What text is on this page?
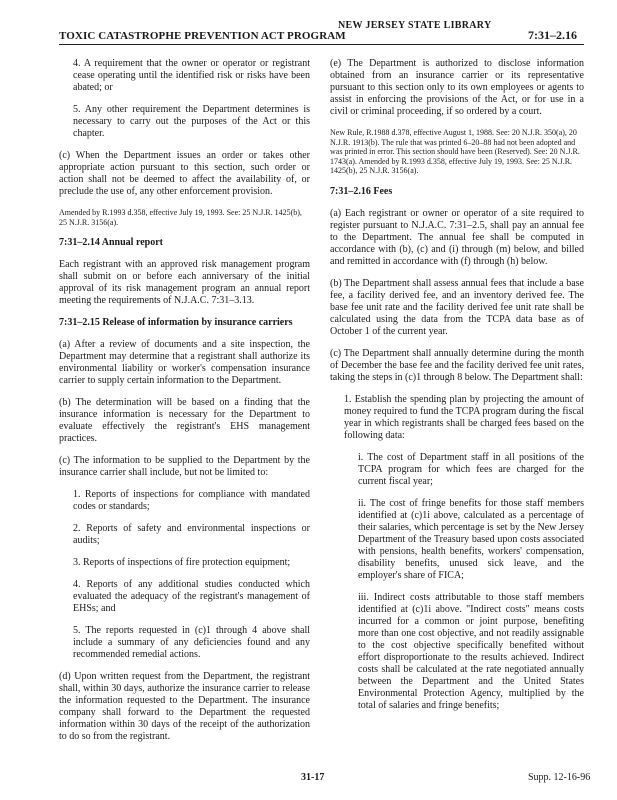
TOXIC CATASTROPHE PREVENTION ACT PROGRAM
NEW JERSEY STATE LIBRARY
7:31–2.16

4. A requirement that the owner or operator or registrant cease operating until the identified risk or risks have been abated; or

5. Any other requirement the Department determines is necessary to carry out the purposes of the Act or this chapter.

(c) When the Department issues an order or takes other appropriate action pursuant to this section, such order or action shall not be deemed to affect the availability of, or preclude the use of, any other enforcement provision.

Amended by R.1993 d.358, effective July 19, 1993. See: 25 N.J.R. 1425(b), 25 N.J.R. 3156(a).

7:31–2.14 Annual report

Each registrant with an approved risk management program shall submit on or before each anniversary of the initial approval of its risk management program an annual report meeting the requirements of N.J.A.C. 7:31–3.13.

7:31–2.15 Release of information by insurance carriers

(a) After a review of documents and a site inspection, the Department may determine that a registrant shall authorize its environmental liability or worker's compensation insurance carrier to supply certain information to the Department.

(b) The determination will be based on a finding that the insurance information is necessary for the Department to evaluate effectively the registrant's EHS management practices.

(c) The information to be supplied to the Department by the insurance carrier shall include, but not be limited to:

1. Reports of inspections for compliance with mandated codes or standards;

2. Reports of safety and environmental inspections or audits;

3. Reports of inspections of fire protection equipment;

4. Reports of any additional studies conducted which evaluated the adequacy of the registrant's management of EHSs; and

5. The reports requested in (c)1 through 4 above shall include a summary of any deficiencies found and any recommended remedial actions.

(d) Upon written request from the Department, the registrant shall, within 30 days, authorize the insurance carrier to release the information requested to the Department. The insurance company shall forward to the Department the requested information within 30 days of the receipt of the authorization to do so from the registrant.

(e) The Department is authorized to disclose information obtained from an insurance carrier or its representative pursuant to this section only to its own employees or agents to assist in enforcing the provisions of the Act, or for use in a civil or criminal proceeding, if so ordered by a court.

New Rule, R.1988 d.378, effective August 1, 1988. See: 20 N.J.R. 350(a), 20 N.J.R. 1913(b). The rule that was printed 6–20–88 had not been adopted and was printed in error. This section should have been (Reserved). See: 20 N.J.R. 1743(a). Amended by R.1993 d.358, effective July 19, 1993. See: 25 N.J.R. 1425(b), 25 N.J.R. 3156(a).

7:31–2.16 Fees

(a) Each registrant or owner or operator of a site required to register pursuant to N.J.A.C. 7:31–2.5, shall pay an annual fee to the Department. The annual fee shall be computed in accordance with (b), (c) and (i) through (m) below, and billed and remitted in accordance with (f) through (h) below.

(b) The Department shall assess annual fees that include a base fee, a facility derived fee, and an inventory derived fee. The base fee unit rate and the facility derived fee unit rate shall be calculated using the data from the TCPA data base as of October 1 of the current year.

(c) The Department shall annually determine during the month of December the base fee and the facility derived fee unit rates, taking the steps in (c)1 through 8 below. The Department shall:

1. Establish the spending plan by projecting the amount of money required to fund the TCPA program during the fiscal year in which registrants shall be charged fees based on the following data:

i. The cost of Department staff in all positions of the TCPA program for which fees are charged for the current fiscal year;

ii. The cost of fringe benefits for those staff members identified at (c)1i above, calculated as a percentage of their salaries, which percentage is set by the New Jersey Department of the Treasury based upon costs associated with pensions, health benefits, workers' compensation, disability benefits, unused sick leave, and the employer's share of FICA;

iii. Indirect costs attributable to those staff members identified at (c)1i above. "Indirect costs" means costs incurred for a common or joint purpose, benefiting more than one cost objective, and not readily assignable to the cost objective specifically benefited without effort disproportionate to the results achieved. Indirect costs shall be calculated at the rate negotiated annually between the Department and the United States Environmental Protection Agency, multiplied by the total of salaries and fringe benefits;

31-17	Supp. 12-16-96
